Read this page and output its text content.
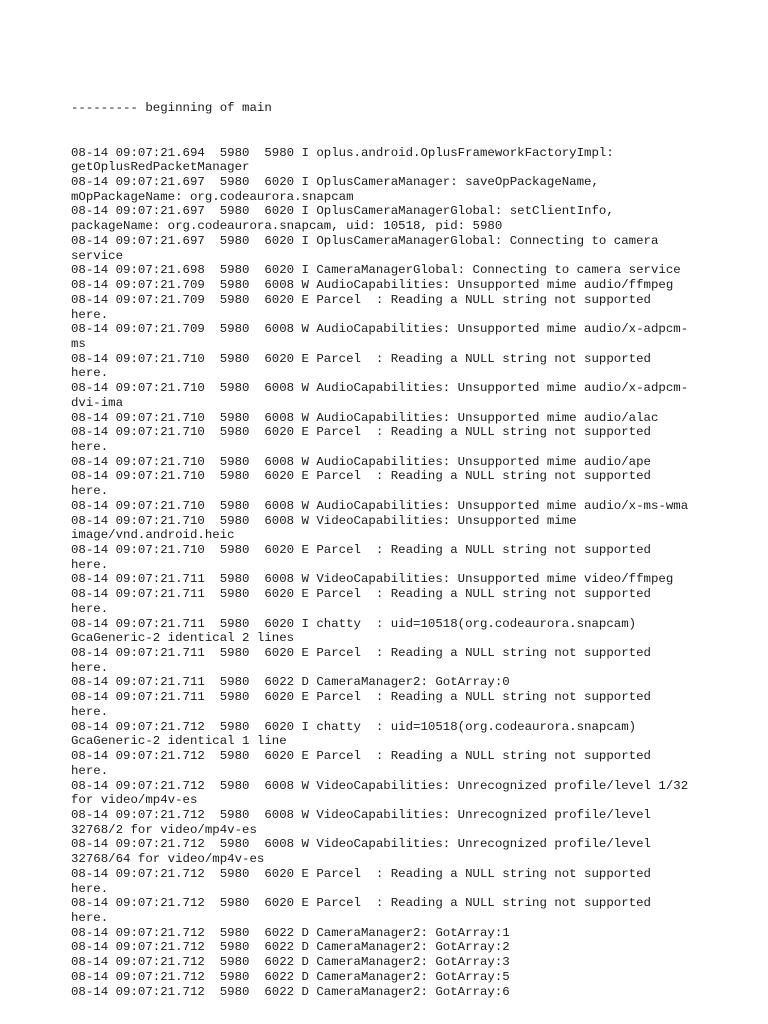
--------- beginning of main

08-14 09:07:21.694  5980  5980 I oplus.android.OplusFrameworkFactoryImpl:
getOplusRedPacketManager
08-14 09:07:21.697  5980  6020 I OplusCameraManager: saveOpPackageName,
mOpPackageName: org.codeaurora.snapcam
08-14 09:07:21.697  5980  6020 I OplusCameraManagerGlobal: setClientInfo,
packageName: org.codeaurora.snapcam, uid: 10518, pid: 5980
08-14 09:07:21.697  5980  6020 I OplusCameraManagerGlobal: Connecting to camera
service
08-14 09:07:21.698  5980  6020 I CameraManagerGlobal: Connecting to camera service
08-14 09:07:21.709  5980  6008 W AudioCapabilities: Unsupported mime audio/ffmpeg
08-14 09:07:21.709  5980  6020 E Parcel  : Reading a NULL string not supported
here.
08-14 09:07:21.709  5980  6008 W AudioCapabilities: Unsupported mime audio/x-adpcm-
ms
08-14 09:07:21.710  5980  6020 E Parcel  : Reading a NULL string not supported
here.
08-14 09:07:21.710  5980  6008 W AudioCapabilities: Unsupported mime audio/x-adpcm-
dvi-ima
08-14 09:07:21.710  5980  6008 W AudioCapabilities: Unsupported mime audio/alac
08-14 09:07:21.710  5980  6020 E Parcel  : Reading a NULL string not supported
here.
08-14 09:07:21.710  5980  6008 W AudioCapabilities: Unsupported mime audio/ape
08-14 09:07:21.710  5980  6020 E Parcel  : Reading a NULL string not supported
here.
08-14 09:07:21.710  5980  6008 W AudioCapabilities: Unsupported mime audio/x-ms-wma
08-14 09:07:21.710  5980  6008 W VideoCapabilities: Unsupported mime
image/vnd.android.heic
08-14 09:07:21.710  5980  6020 E Parcel  : Reading a NULL string not supported
here.
08-14 09:07:21.711  5980  6008 W VideoCapabilities: Unsupported mime video/ffmpeg
08-14 09:07:21.711  5980  6020 E Parcel  : Reading a NULL string not supported
here.
08-14 09:07:21.711  5980  6020 I chatty  : uid=10518(org.codeaurora.snapcam)
GcaGeneric-2 identical 2 lines
08-14 09:07:21.711  5980  6020 E Parcel  : Reading a NULL string not supported
here.
08-14 09:07:21.711  5980  6022 D CameraManager2: GotArray:0
08-14 09:07:21.711  5980  6020 E Parcel  : Reading a NULL string not supported
here.
08-14 09:07:21.712  5980  6020 I chatty  : uid=10518(org.codeaurora.snapcam)
GcaGeneric-2 identical 1 line
08-14 09:07:21.712  5980  6020 E Parcel  : Reading a NULL string not supported
here.
08-14 09:07:21.712  5980  6008 W VideoCapabilities: Unrecognized profile/level 1/32
for video/mp4v-es
08-14 09:07:21.712  5980  6008 W VideoCapabilities: Unrecognized profile/level
32768/2 for video/mp4v-es
08-14 09:07:21.712  5980  6008 W VideoCapabilities: Unrecognized profile/level
32768/64 for video/mp4v-es
08-14 09:07:21.712  5980  6020 E Parcel  : Reading a NULL string not supported
here.
08-14 09:07:21.712  5980  6020 E Parcel  : Reading a NULL string not supported
here.
08-14 09:07:21.712  5980  6022 D CameraManager2: GotArray:1
08-14 09:07:21.712  5980  6022 D CameraManager2: GotArray:2
08-14 09:07:21.712  5980  6022 D CameraManager2: GotArray:3
08-14 09:07:21.712  5980  6022 D CameraManager2: GotArray:5
08-14 09:07:21.712  5980  6022 D CameraManager2: GotArray:6
